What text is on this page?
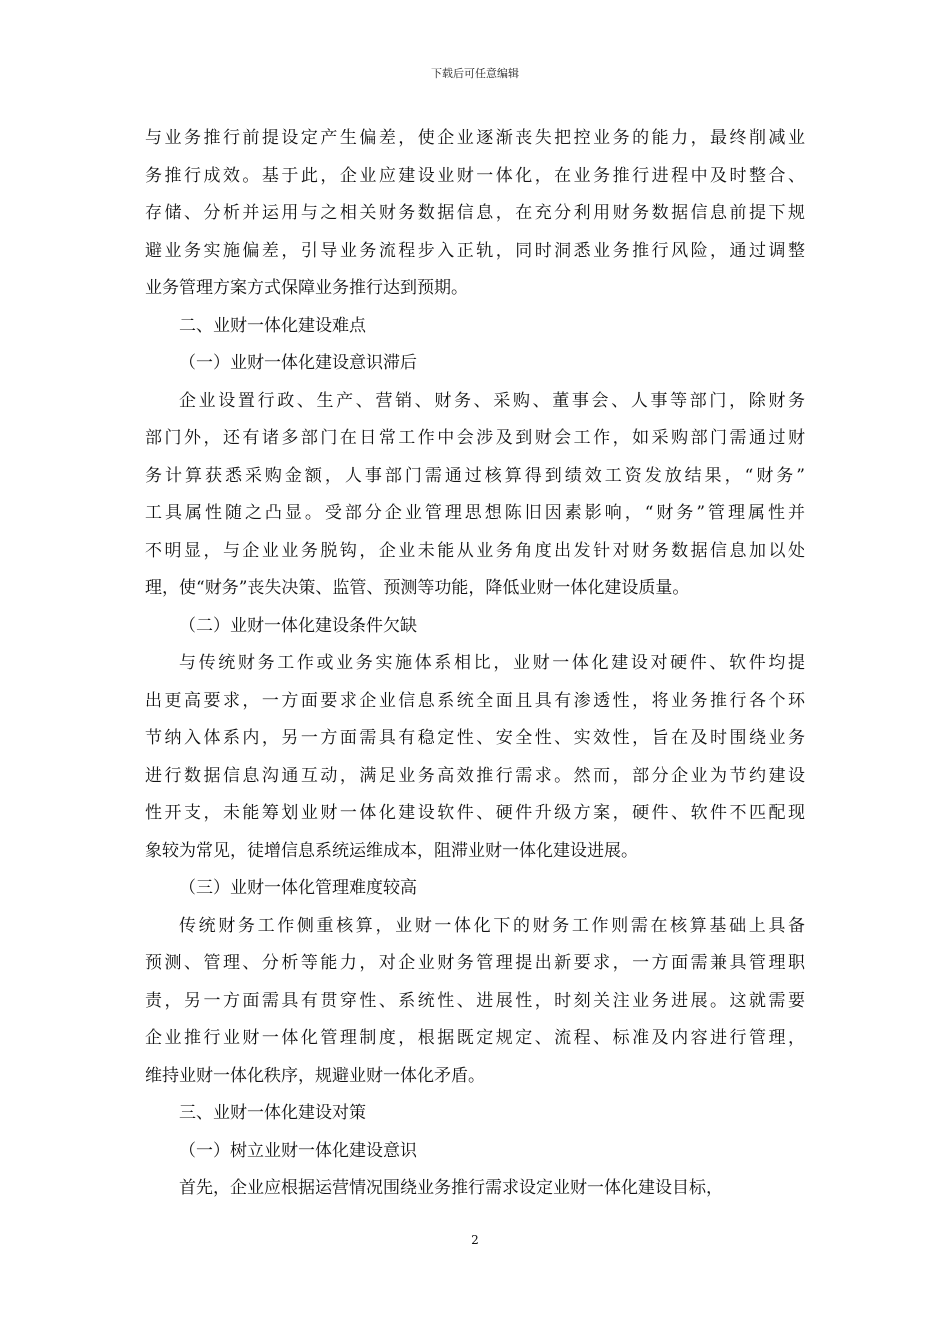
下载后可任意编辑
与业务推行前提设定产生偏差，使企业逐渐丧失把控业务的能力，最终削减业
务推行成效。基于此，企业应建设业财一体化，在业务推行进程中及时整合、
存储、分析并运用与之相关财务数据信息，在充分利用财务数据信息前提下规
避业务实施偏差，引导业务流程步入正轨，同时洞悉业务推行风险，通过调整
业务管理方案方式保障业务推行达到预期。
二、业财一体化建设难点
（一）业财一体化建设意识滞后
企业设置行政、生产、营销、财务、采购、董事会、人事等部门，除财务
部门外，还有诸多部门在日常工作中会涉及到财会工作，如采购部门需通过财
务计算获悉采购金额，人事部门需通过核算得到绩效工资发放结果，“财务”
工具属性随之凸显。受部分企业管理思想陈旧因素影响，“财务”管理属性并
不明显，与企业业务脱钩，企业未能从业务角度出发针对财务数据信息加以处
理，使“财务”丧失决策、监管、预测等功能，降低业财一体化建设质量。
（二）业财一体化建设条件欠缺
与传统财务工作或业务实施体系相比，业财一体化建设对硬件、软件均提
出更高要求，一方面要求企业信息系统全面且具有渗透性，将业务推行各个环
节纳入体系内，另一方面需具有稳定性、安全性、实效性，旨在及时围绕业务
进行数据信息沟通互动，满足业务高效推行需求。然而，部分企业为节约建设
性开支，未能筹划业财一体化建设软件、硬件升级方案，硬件、软件不匹配现
象较为常见，徒增信息系统运维成本，阻滞业财一体化建设进展。
（三）业财一体化管理难度较高
传统财务工作侧重核算，业财一体化下的财务工作则需在核算基础上具备
预测、管理、分析等能力，对企业财务管理提出新要求，一方面需兼具管理职
责，另一方面需具有贯穿性、系统性、进展性，时刻关注业务进展。这就需要
企业推行业财一体化管理制度，根据既定规定、流程、标准及内容进行管理，
维持业财一体化秩序，规避业财一体化矛盾。
三、业财一体化建设对策
（一）树立业财一体化建设意识
首先，企业应根据运营情况围绕业务推行需求设定业财一体化建设目标，
2
